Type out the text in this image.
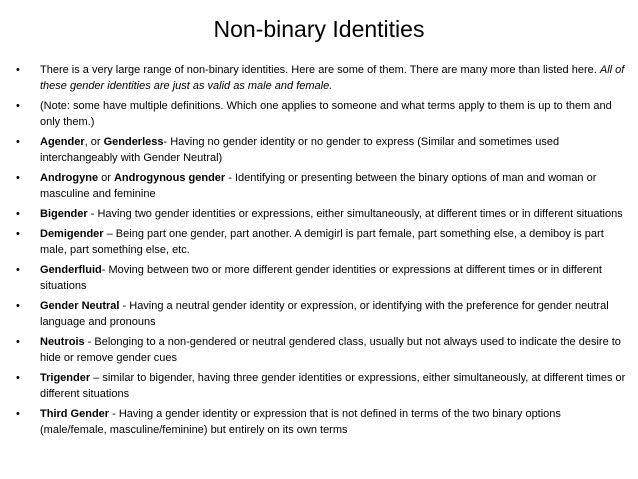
Non-binary Identities
•	There is a very large range of non-binary identities. Here are some of them. There are many more than listed here. All of these gender identities are just as valid as male and female.
•	(Note: some have multiple definitions. Which one applies to someone and what terms apply to them is up to them and only them.)
•	Agender, or Genderless- Having no gender identity or no gender to express (Similar and sometimes used interchangeably with Gender Neutral)
•	Androgyne or Androgynous gender - Identifying or presenting between the binary options of man and woman or masculine and feminine
•	Bigender - Having two gender identities or expressions, either simultaneously, at different times or in different situations
•	Demigender – Being part one gender, part another. A demigirl is part female, part something else, a demiboy is part male, part something else, etc.
•	Genderfluid- Moving between two or more different gender identities or expressions at different times or in different situations
•	Gender Neutral - Having a neutral gender identity or expression, or identifying with the preference for gender neutral language and pronouns
•	Neutrois - Belonging to a non-gendered or neutral gendered class, usually but not always used to indicate the desire to hide or remove gender cues
•	Trigender – similar to bigender, having three gender identities or expressions, either simultaneously, at different times or different situations
•	Third Gender - Having a gender identity or expression that is not defined in terms of the two binary options (male/female, masculine/feminine) but entirely on its own terms
